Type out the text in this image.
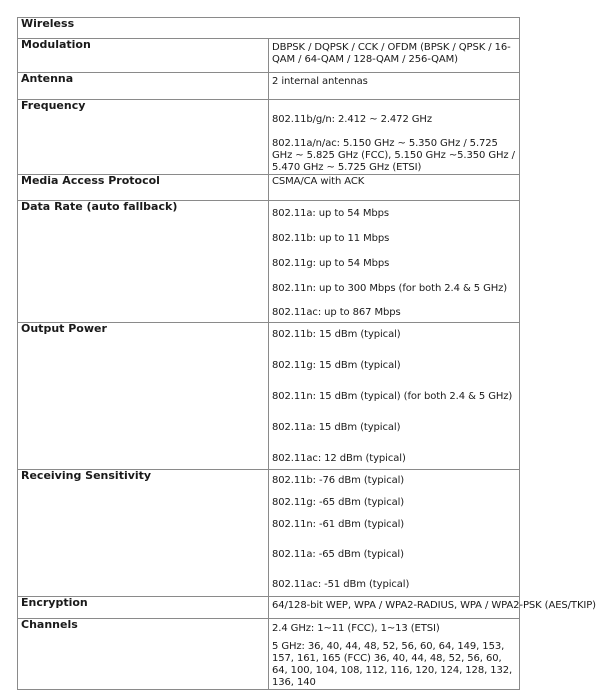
Wireless	
Modulation	DBPSK / DQPSK / CCK / OFDM (BPSK / QPSK / 16-QAM / 64-QAM / 128-QAM / 256-QAM)

Antenna	2 internal antennas

Frequency	802.11b/g/n: 2.412 ~ 2.472 GHz
802.11a/n/ac: 5.150 GHz ~ 5.350 GHz / 5.725 GHz ~ 5.825 GHz (FCC), 5.150 GHz ~5.350 GHz / 5.470 GHz ~ 5.725 GHz (ETSI)

Media Access Protocol	CSMA/CA with ACK

Data Rate (auto fallback)	802.11a: up to 54 Mbps
802.11b: up to 11 Mbps
802.11g: up to 54 Mbps
802.11n: up to 300 Mbps (for both 2.4 & 5 GHz)
802.11ac: up to 867 Mbps

Output Power	802.11b: 15 dBm (typical)
802.11g: 15 dBm (typical)
802.11n: 15 dBm (typical) (for both 2.4 & 5 GHz)
802.11a: 15 dBm (typical)
802.11ac: 12 dBm (typical)

Receiving Sensitivity	802.11b: -76 dBm (typical)
802.11g: -65 dBm (typical)
802.11n: -61 dBm (typical)
802.11a: -65 dBm (typical)
802.11ac: -51 dBm (typical)

Encryption	64/128-bit WEP, WPA / WPA2-RADIUS, WPA / WPA2-PSK (AES/TKIP)

Channels	2.4 GHz: 1~11 (FCC), 1~13 (ETSI)
5 GHz: 36, 40, 44, 48, 52, 56, 60, 64, 149, 153, 157, 161, 165 (FCC) 36, 40, 44, 48, 52, 56, 60, 64, 100, 104, 108, 112, 116, 120, 124, 128, 132, 136, 140
